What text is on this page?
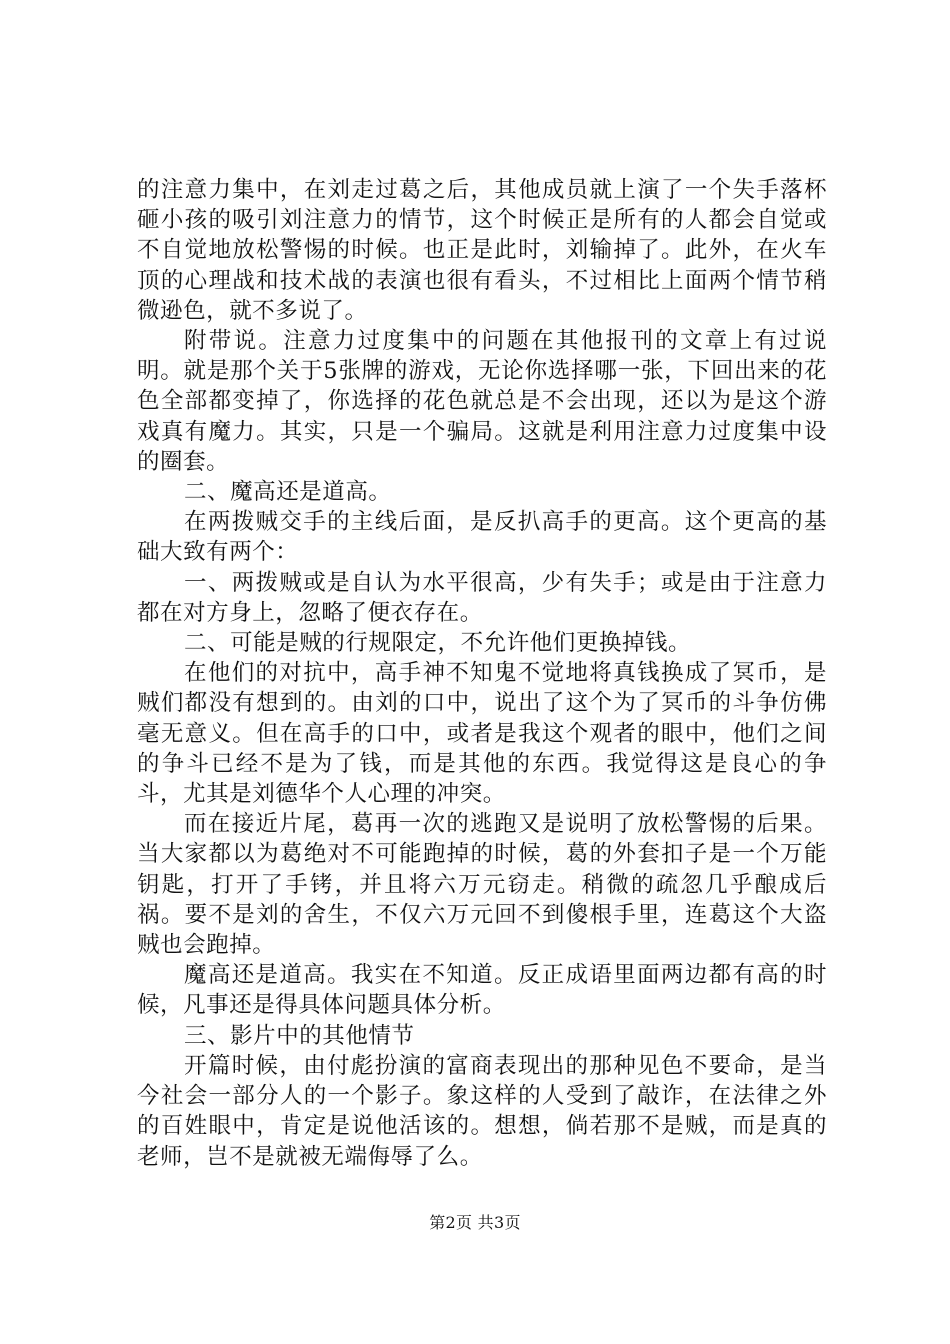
的注意力集中，在刘走过葛之后，其他成员就上演了一个失手落杯砸小孩的吸引刘注意力的情节，这个时候正是所有的人都会自觉或不自觉地放松警惕的时候。也正是此时，刘输掉了。此外，在火车顶的心理战和技术战的表演也很有看头，不过相比上面两个情节稍微逊色，就不多说了。

附带说。注意力过度集中的问题在其他报刊的文章上有过说明。就是那个关于5张牌的游戏，无论你选择哪一张，下回出来的花色全部都变掉了，你选择的花色就总是不会出现，还以为是这个游戏真有魔力。其实，只是一个骗局。这就是利用注意力过度集中设的圈套。

二、魔高还是道高。

在两拨贼交手的主线后面，是反扒高手的更高。这个更高的基础大致有两个：

一、两拨贼或是自认为水平很高，少有失手；或是由于注意力都在对方身上，忽略了便衣存在。

二、可能是贼的行规限定，不允许他们更换掉钱。

在他们的对抗中，高手神不知鬼不觉地将真钱换成了冥币，是贼们都没有想到的。由刘的口中，说出了这个为了冥币的斗争仿佛毫无意义。但在高手的口中，或者是我这个观者的眼中，他们之间的争斗已经不是为了钱，而是其他的东西。我觉得这是良心的争斗，尤其是刘德华个人心理的冲突。

而在接近片尾，葛再一次的逃跑又是说明了放松警惕的后果。当大家都以为葛绝对不可能跑掉的时候，葛的外套扣子是一个万能钥匙，打开了手铐，并且将六万元窃走。稍微的疏忽几乎酿成后祸。要不是刘的舍生，不仅六万元回不到傻根手里，连葛这个大盗贼也会跑掉。

魔高还是道高。我实在不知道。反正成语里面两边都有高的时候，凡事还是得具体问题具体分析。

三、影片中的其他情节

开篇时候，由付彪扮演的富商表现出的那种见色不要命，是当今社会一部分人的一个影子。象这样的人受到了敲诈，在法律之外的百姓眼中，肯定是说他活该的。想想，倘若那不是贼，而是真的老师，岂不是就被无端侮辱了么。

第2页 共3页
